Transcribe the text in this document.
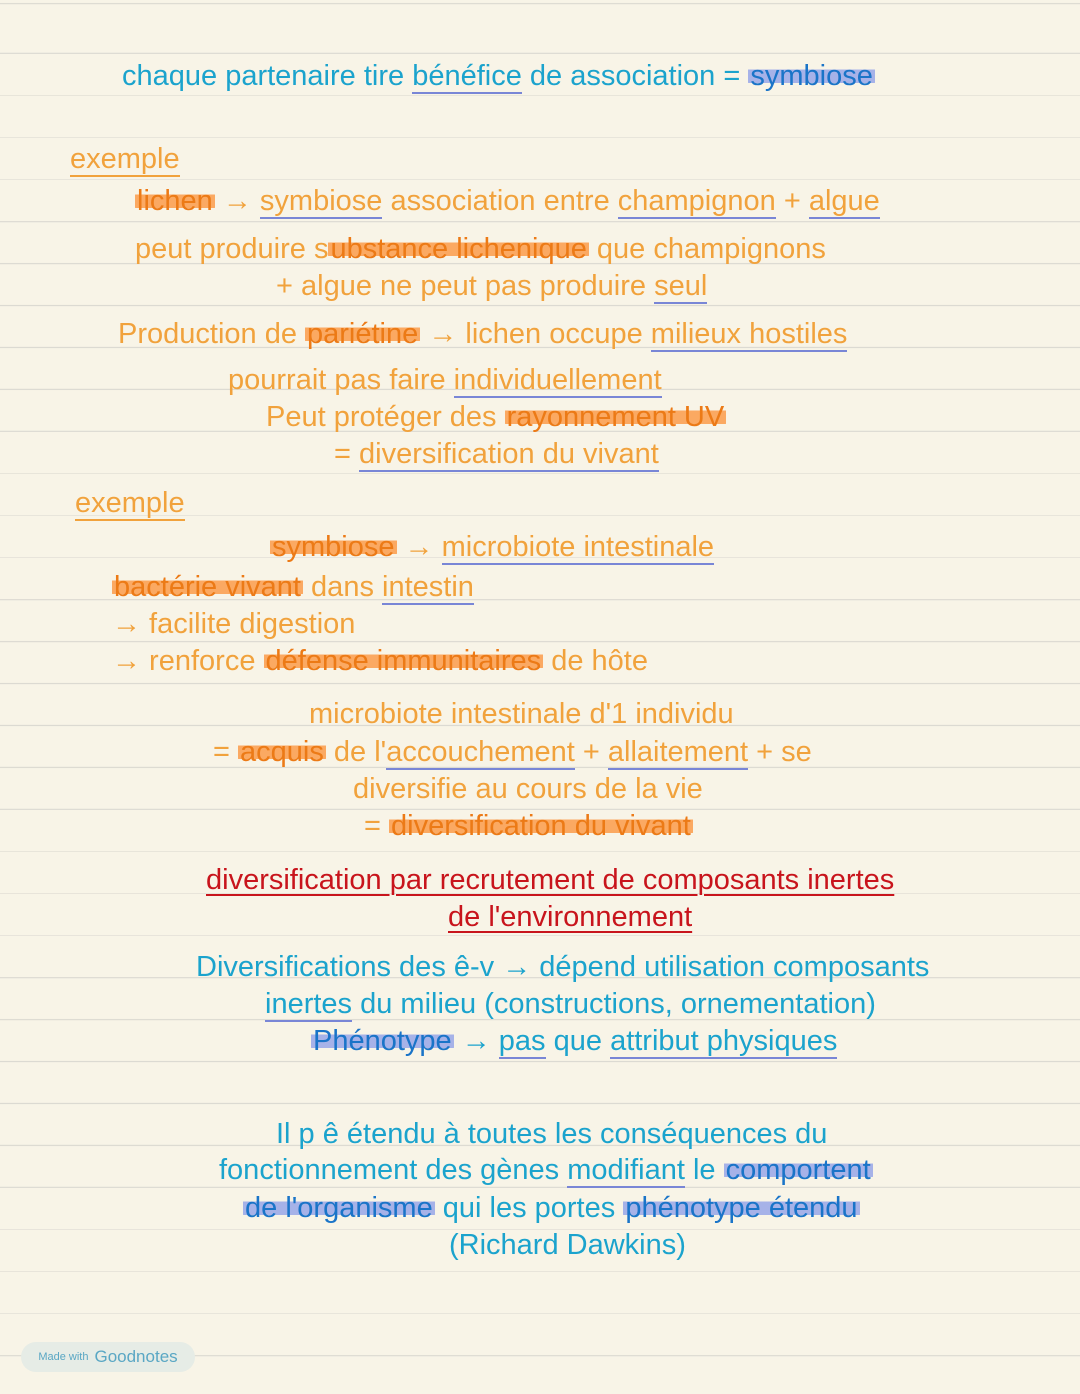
chaque partenaire tire bénéfice de association = symbiose
exemple
lichen → symbiose association entre champignon + algue
peut produire substance lichenique que champignons
+ algue ne peut pas produire seul
Production de pariétine → lichen occupe milieux hostiles
pourrait pas faire individuellement
Peut protéger des rayonnement UV
= diversification du vivant
exemple
symbiose → microbiote intestinale
bactérie vivant dans intestin
→ facilite digestion
→ renforce défense immunitaires de hôte
microbiote intestinale d'1 individu
= acquis de l'accouchement + allaitement + se
diversifie au cours de la vie
= diversification du vivant
diversification par recrutement de composants inertes
de l'environnement
Diversifications des ê-v → dépend utilisation composants
inertes du milieu (constructions, ornementation)
Phénotype → pas que attribut physiques
Il p ê étendu à toutes les conséquences du
fonctionnement des gènes modifiant le comportent
de l'organisme qui les portes phénotype étendu
(Richard Dawkins)
Made with Goodnotes
